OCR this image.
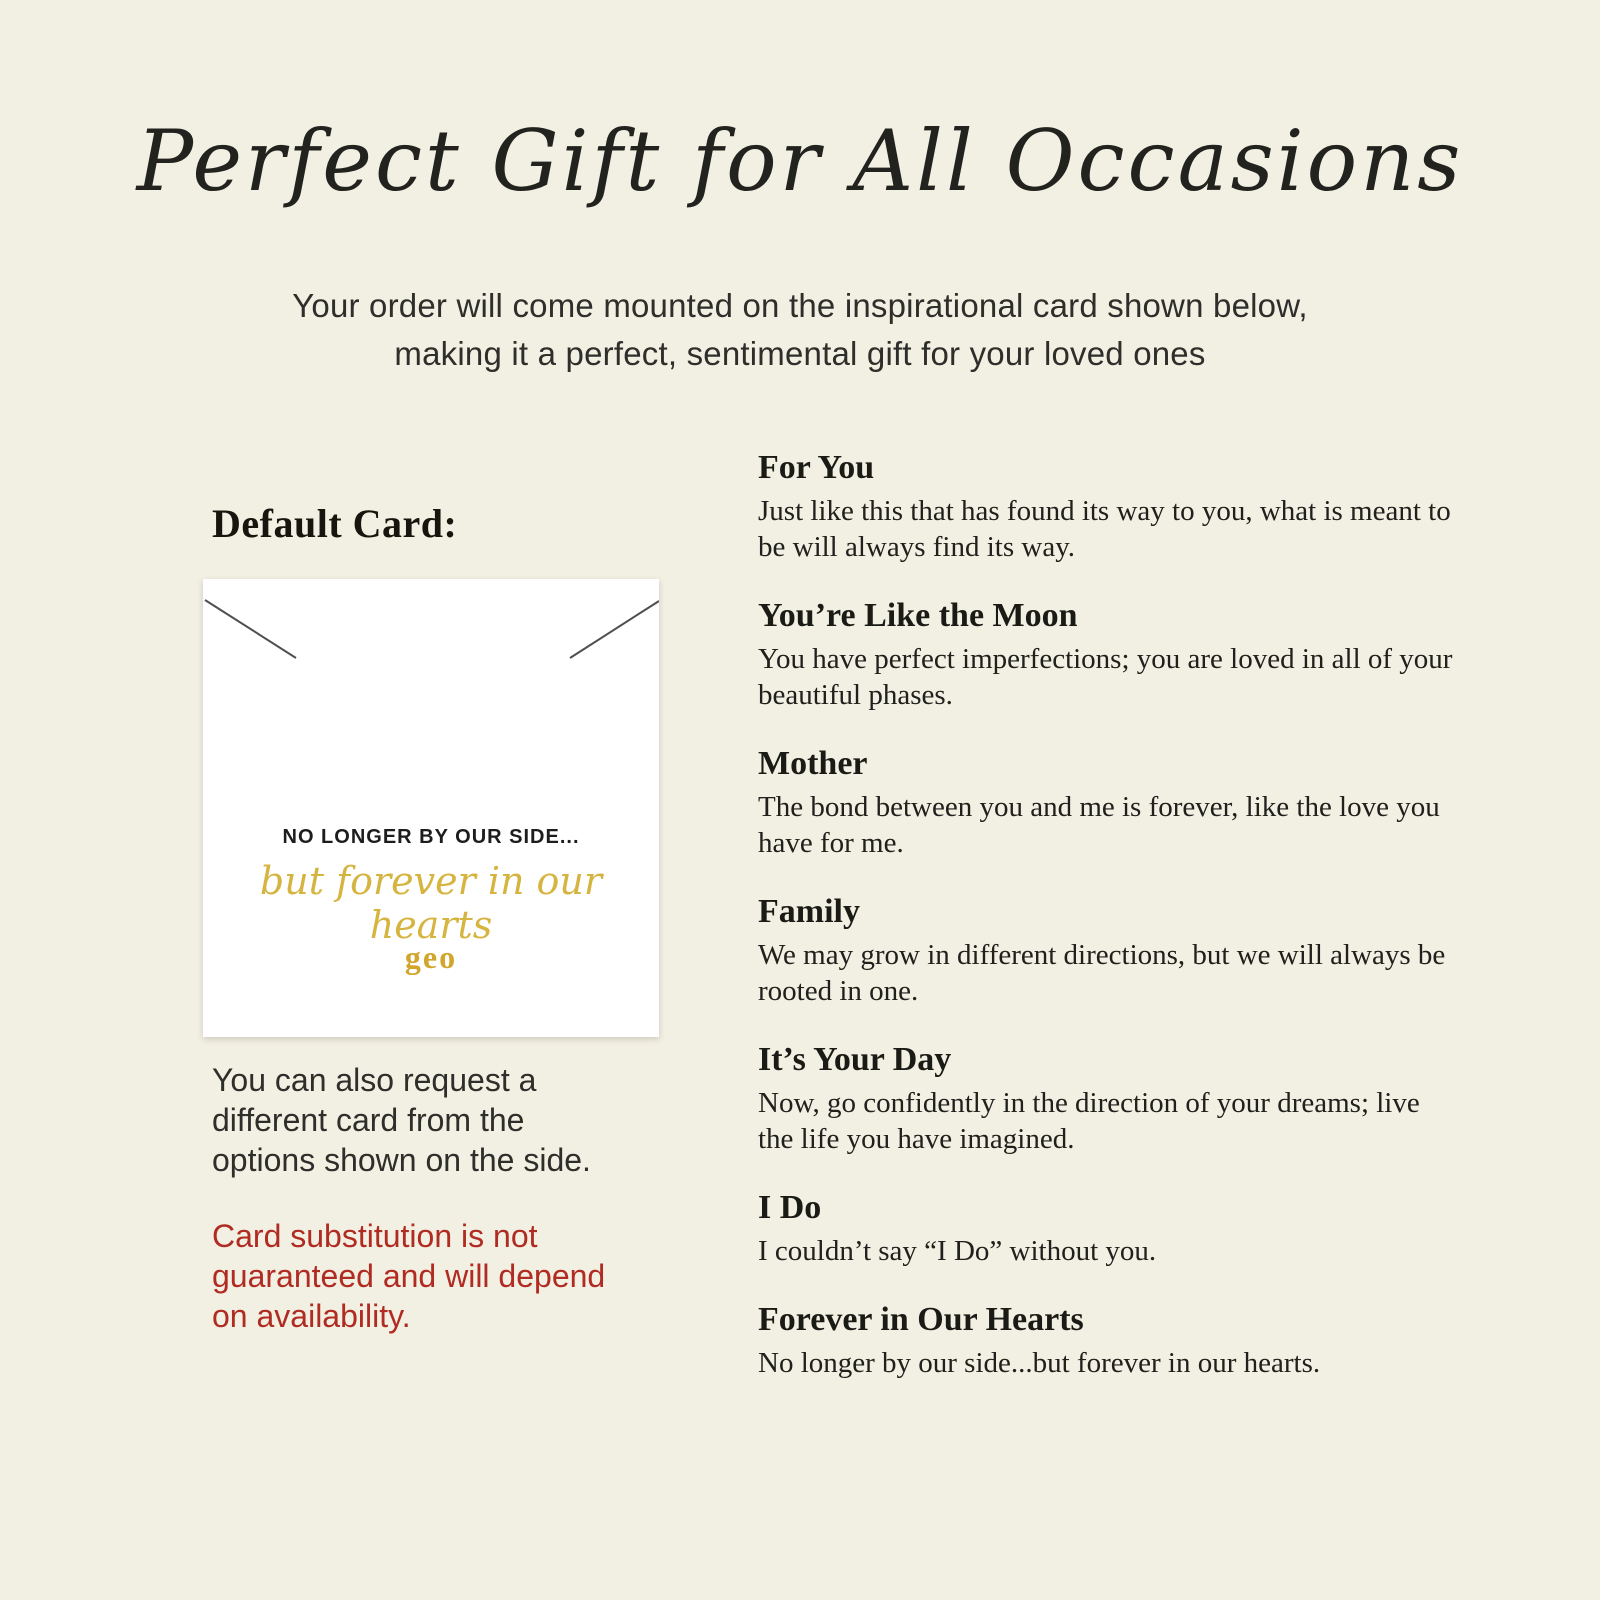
Perfect Gift for All Occasions

Your order will come mounted on the inspirational card shown below,
making it a perfect, sentimental gift for your loved ones

Default Card:
NO LONGER BY OUR SIDE...
but forever in our hearts
geo
You can also request a
different card from the
options shown on the side.
Card substitution is not
guaranteed and will depend
on availability.
For You

Just like this that has found its way to you, what is meant to be will always find its way.

You’re Like the Moon

You have perfect imperfections; you are loved in all of your beautiful phases.

Mother

The bond between you and me is forever, like the love you have for me.

Family

We may grow in different directions, but we will always be rooted in one.

It’s Your Day

Now, go confidently in the direction of your dreams; live the life you have imagined.

I Do

I couldn’t say “I Do” without you.

Forever in Our Hearts

No longer by our side...but forever in our hearts.
